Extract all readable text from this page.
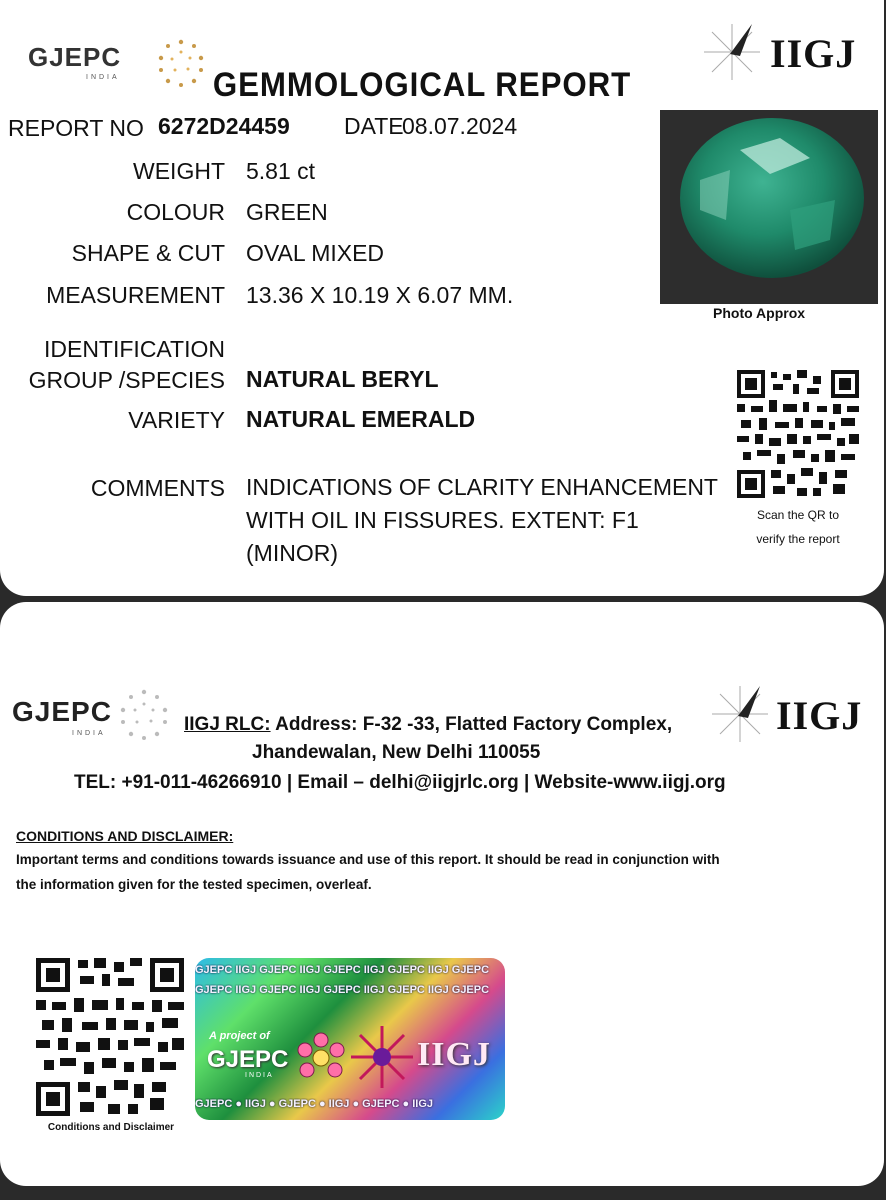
GJEPC
INDIA
IIGJ
GEMMOLOGICAL REPORT
REPORT NO 6272D24459 DATE
08.07.2024
WEIGHT 5.81 ct
COLOUR GREEN
SHAPE & CUT OVAL MIXED
MEASUREMENT 13.36 X 10.19 X 6.07 MM.
IDENTIFICATION
GROUP /SPECIES NATURAL BERYL
VARIETY NATURAL EMERALD
COMMENTS INDICATIONS OF CLARITY ENHANCEMENT
WITH OIL IN FISSURES. EXTENT: F1
(MINOR)
Photo Approx
Scan the QR to
verify the report
GJEPC
INDIA	IIGJ
IIGJ RLC: Address: F-32 -33, Flatted Factory Complex,
Jhandewalan, New Delhi 110055
TEL: +91-011-46266910 | Email – delhi@iigjrlc.org | Website-www.iigj.org
CONDITIONS AND DISCLAIMER:
Important terms and conditions towards issuance and use of this report. It should be read in conjunction with
the information given for the tested specimen, overleaf.
Conditions and Disclaimer
GJEPC IIGJ GJEPC IIGJ GJEPC IIGJ GJEPC IIGJ GJEPC
GJEPC IIGJ GJEPC IIGJ GJEPC IIGJ GJEPC IIGJ GJEPC
A project of
GJEPC
INDIA
IIGJ
GJEPC ● IIGJ ● GJEPC ● IIGJ ● GJEPC ● IIGJ
